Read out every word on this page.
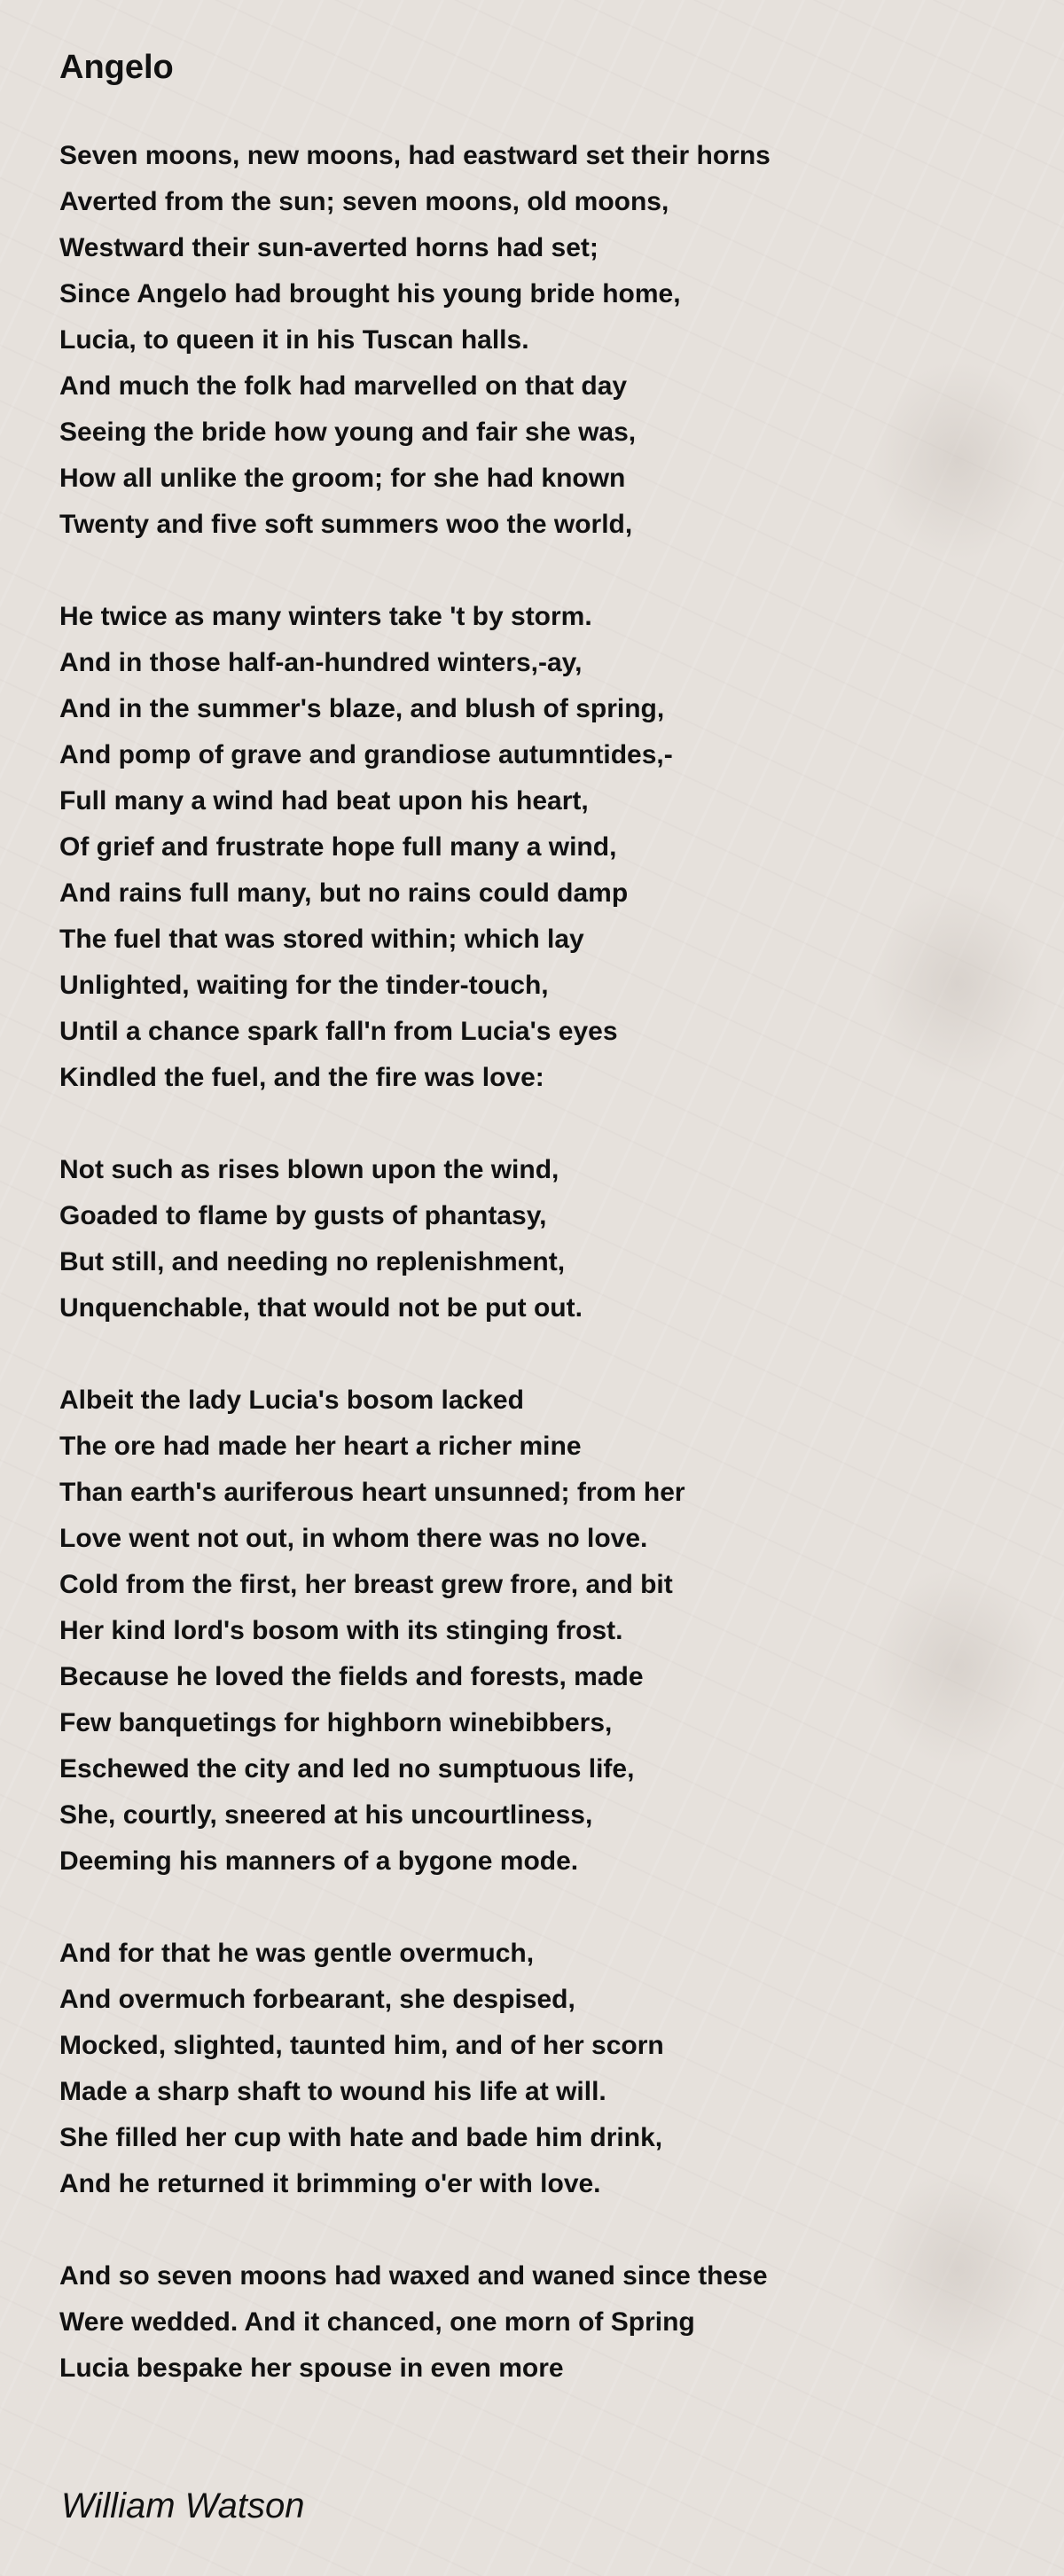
Angelo
Seven moons, new moons, had eastward set their horns
Averted from the sun; seven moons, old moons,
Westward their sun-averted horns had set;
Since Angelo had brought his young bride home,
Lucia, to queen it in his Tuscan halls.
And much the folk had marvelled on that day
Seeing the bride how young and fair she was,
How all unlike the groom; for she had known
Twenty and five soft summers woo the world,
He twice as many winters take 't by storm.
And in those half-an-hundred winters,-ay,
And in the summer's blaze, and blush of spring,
And pomp of grave and grandiose autumntides,-
Full many a wind had beat upon his heart,
Of grief and frustrate hope full many a wind,
And rains full many, but no rains could damp
The fuel that was stored within; which lay
Unlighted, waiting for the tinder-touch,
Until a chance spark fall'n from Lucia's eyes
Kindled the fuel, and the fire was love:
Not such as rises blown upon the wind,
Goaded to flame by gusts of phantasy,
But still, and needing no replenishment,
Unquenchable, that would not be put out.
Albeit the lady Lucia's bosom lacked
The ore had made her heart a richer mine
Than earth's auriferous heart unsunned; from her
Love went not out, in whom there was no love.
Cold from the first, her breast grew frore, and bit
Her kind lord's bosom with its stinging frost.
Because he loved the fields and forests, made
Few banquetings for highborn winebibbers,
Eschewed the city and led no sumptuous life,
She, courtly, sneered at his uncourtliness,
Deeming his manners of a bygone mode.
And for that he was gentle overmuch,
And overmuch forbearant, she despised,
Mocked, slighted, taunted him, and of her scorn
Made a sharp shaft to wound his life at will.
She filled her cup with hate and bade him drink,
And he returned it brimming o'er with love.
And so seven moons had waxed and waned since these
Were wedded. And it chanced, one morn of Spring
Lucia bespake her spouse in even more

William Watson
